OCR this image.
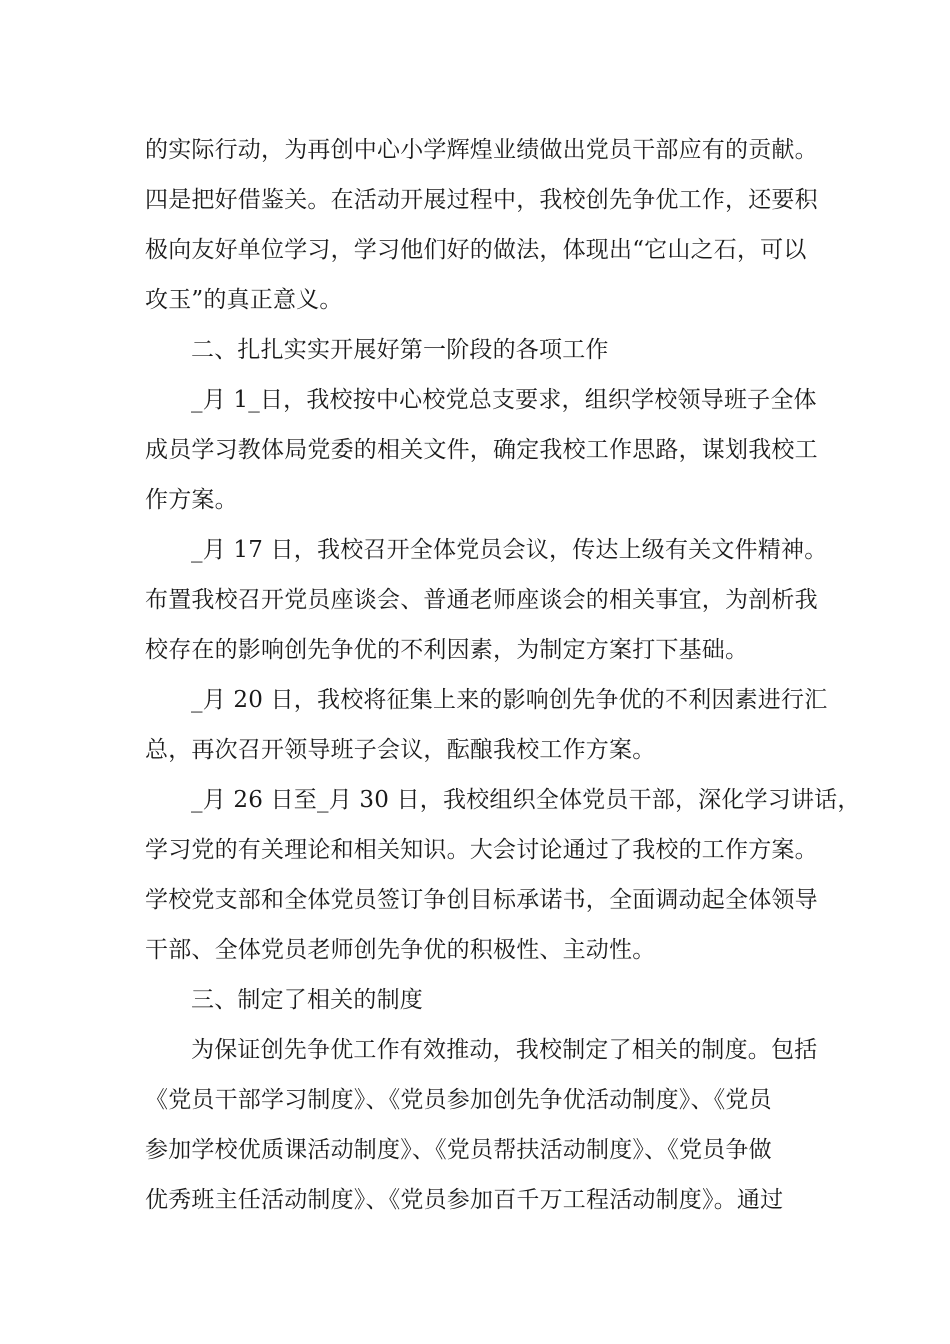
的实际行动，为再创中心小学辉煌业绩做出党员干部应有的贡献。
四是把好借鉴关。在活动开展过程中，我校创先争优工作，还要积
极向友好单位学习，学习他们好的做法，体现出“它山之石，可以
攻玉”的真正意义。
二、扎扎实实开展好第一阶段的各项工作
_月 1_日，我校按中心校党总支要求，组织学校领导班子全体
成员学习教体局党委的相关文件，确定我校工作思路，谋划我校工
作方案。
_月 17 日，我校召开全体党员会议，传达上级有关文件精神。
布置我校召开党员座谈会、普通老师座谈会的相关事宜，为剖析我
校存在的影响创先争优的不利因素，为制定方案打下基础。
_月 20 日，我校将征集上来的影响创先争优的不利因素进行汇
总，再次召开领导班子会议，酝酿我校工作方案。
_月 26 日至_月 30 日，我校组织全体党员干部，深化学习讲话，
学习党的有关理论和相关知识。大会讨论通过了我校的工作方案。
学校党支部和全体党员签订争创目标承诺书，全面调动起全体领导
干部、全体党员老师创先争优的积极性、主动性。
三、制定了相关的制度
为保证创先争优工作有效推动，我校制定了相关的制度。包括
《党员干部学习制度》、《党员参加创先争优活动制度》、《党员
参加学校优质课活动制度》、《党员帮扶活动制度》、《党员争做
优秀班主任活动制度》、《党员参加百千万工程活动制度》。通过
